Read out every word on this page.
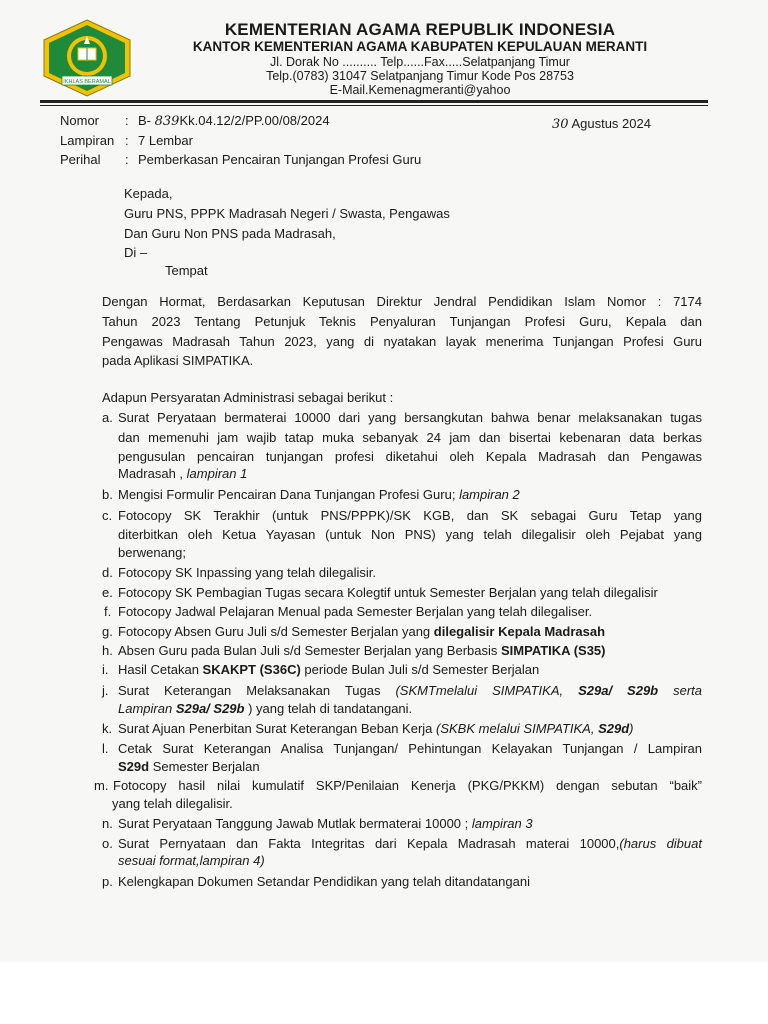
IKHLAS BERAMAL
KEMENTERIAN AGAMA REPUBLIK INDONESIA
KANTOR KEMENTERIAN AGAMA KABUPATEN KEPULAUAN MERANTI
Jl. Dorak No .......... Telp......Fax.....Selatpanjang Timur
Telp.(0783) 31047 Selatpanjang Timur Kode Pos 28753
E-Mail.Kemenagmeranti@yahoo
Nomor : B- 839Kk.04.12/2/PP.00/08/2024	30 Agustus 2024
Lampiran : 7 Lembar
Perihal : Pemberkasan Pencairan Tunjangan Profesi Guru
Kepada,
Guru PNS, PPPK Madrasah Negeri / Swasta, Pengawas
Dan Guru Non PNS pada Madrasah,
Di –
Tempat
Dengan Hormat, Berdasarkan Keputusan Direktur Jendral Pendidikan Islam Nomor : 7174
Tahun 2023 Tentang Petunjuk Teknis Penyaluran Tunjangan Profesi Guru, Kepala dan
Pengawas Madrasah Tahun 2023, yang di nyatakan layak menerima Tunjangan Profesi Guru
pada Aplikasi SIMPATIKA.
Adapun Persyaratan Administrasi sebagai berikut :
a. Surat Peryataan bermaterai 10000 dari yang bersangkutan bahwa benar melaksanakan tugas
dan memenuhi jam wajib tatap muka sebanyak 24 jam dan bisertai kebenaran data berkas
pengusulan pencairan tunjangan profesi diketahui oleh Kepala Madrasah dan Pengawas
Madrasah , lampiran 1
b. Mengisi Formulir Pencairan Dana Tunjangan Profesi Guru; lampiran 2
c. Fotocopy SK Terakhir (untuk PNS/PPPK)/SK KGB, dan SK sebagai Guru Tetap yang
diterbitkan oleh Ketua Yayasan (untuk Non PNS) yang telah dilegalisir oleh Pejabat yang
berwenang;
d. Fotocopy SK Inpassing yang telah dilegalisir.
e. Fotocopy SK Pembagian Tugas secara Kolegtif untuk Semester Berjalan yang telah dilegalisir
f. Fotocopy Jadwal Pelajaran Menual pada Semester Berjalan yang telah dilegaliser.
g. Fotocopy Absen Guru Juli s/d Semester Berjalan yang dilegalisir Kepala Madrasah
h. Absen Guru pada Bulan Juli s/d Semester Berjalan yang Berbasis SIMPATIKA (S35)
i. Hasil Cetakan SKAKPT (S36C) periode Bulan Juli s/d Semester Berjalan
j. Surat Keterangan Melaksanakan Tugas (SKMTmelalui SIMPATIKA, S29a/ S29b serta
Lampiran S29a/ S29b ) yang telah di tandatangani.
k. Surat Ajuan Penerbitan Surat Keterangan Beban Kerja (SKBK melalui SIMPATIKA, S29d)
l. Cetak Surat Keterangan Analisa Tunjangan/ Pehintungan Kelayakan Tunjangan / Lampiran
S29d Semester Berjalan
m. Fotocopy hasil nilai kumulatif SKP/Penilaian Kenerja (PKG/PKKM) dengan sebutan “baik”
yang telah dilegalisir.
n. Surat Peryataan Tanggung Jawab Mutlak bermaterai 10000 ; lampiran 3
o. Surat Pernyataan dan Fakta Integritas dari Kepala Madrasah materai 10000,(harus dibuat
sesuai format,lampiran 4)
p. Kelengkapan Dokumen Setandar Pendidikan yang telah ditandatangani
